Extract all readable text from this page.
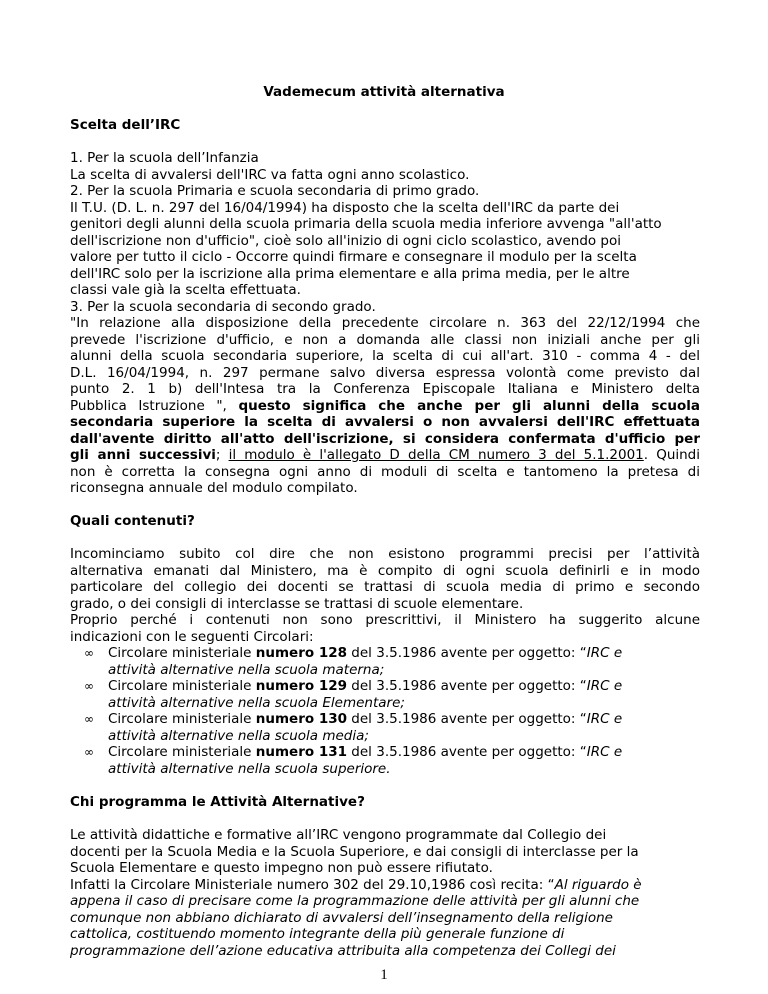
Vademecum attività alternativa
Scelta dell’IRC
1. Per la scuola dell’Infanzia
La scelta di avvalersi dell'IRC va fatta ogni anno scolastico.
2. Per la scuola Primaria e scuola secondaria di primo grado.
Il T.U. (D. L. n. 297 del 16/04/1994) ha disposto che la scelta dell'IRC da parte dei
genitori degli alunni della scuola primaria della scuola media inferiore avvenga "all'atto
dell'iscrizione non d'ufficio", cioè solo all'inizio di ogni ciclo scolastico, avendo poi
valore per tutto il ciclo - Occorre quindi firmare e consegnare il modulo per la scelta
dell'IRC solo per la iscrizione alla prima elementare e alla prima media, per le altre
classi vale già la scelta effettuata.
3. Per la scuola secondaria di secondo grado.
"In relazione alla disposizione della precedente circolare n. 363 del 22/12/1994 che
prevede l'iscrizione d'ufficio, e non a domanda alle classi non iniziali anche per gli
alunni della scuola secondaria superiore, la scelta di cui all'art. 310 - comma 4 - del
D.L. 16/04/1994, n. 297 permane salvo diversa espressa volontà come previsto dal
punto 2. 1 b) dell'Intesa tra la Conferenza Episcopale Italiana e Ministero delta
Pubblica Istruzione ", questo significa che anche per gli alunni della scuola
secondaria superiore la scelta di avvalersi o non avvalersi dell'IRC effettuata
dall'avente diritto all'atto dell'iscrizione, si considera confermata d'ufficio per
gli anni successivi; il modulo è l'allegato D della CM numero 3 del 5.1.2001. Quindi
non è corretta la consegna ogni anno di moduli di scelta e tantomeno la pretesa di
riconsegna annuale del modulo compilato.
Quali contenuti?
Incominciamo subito col dire che non esistono programmi precisi per l’attività
alternativa emanati dal Ministero, ma è compito di ogni scuola definirli e in modo
particolare del collegio dei docenti se trattasi di scuola media di primo e secondo
grado, o dei consigli di interclasse se trattasi di scuole elementare.
Proprio perché i contenuti non sono prescrittivi, il Ministero ha suggerito alcune
indicazioni con le seguenti Circolari:
∞ Circolare ministeriale numero 128 del 3.5.1986 avente per oggetto: “IRC e
attività alternative nella scuola materna;
∞ Circolare ministeriale numero 129 del 3.5.1986 avente per oggetto: “IRC e
attività alternative nella scuola Elementare;
∞ Circolare ministeriale numero 130 del 3.5.1986 avente per oggetto: “IRC e
attività alternative nella scuola media;
∞ Circolare ministeriale numero 131 del 3.5.1986 avente per oggetto: “IRC e
attività alternative nella scuola superiore.
Chi programma le Attività Alternative?
Le attività didattiche e formative all’IRC vengono programmate dal Collegio dei
docenti per la Scuola Media e la Scuola Superiore, e dai consigli di interclasse per la
Scuola Elementare e questo impegno non può essere rifiutato.
Infatti la Circolare Ministeriale numero 302 del 29.10,1986 così recita: “Al riguardo è
appena il caso di precisare come la programmazione delle attività per gli alunni che
comunque non abbiano dichiarato di avvalersi dell’insegnamento della religione
cattolica, costituendo momento integrante della più generale funzione di
programmazione dell’azione educativa attribuita alla competenza dei Collegi dei
1
